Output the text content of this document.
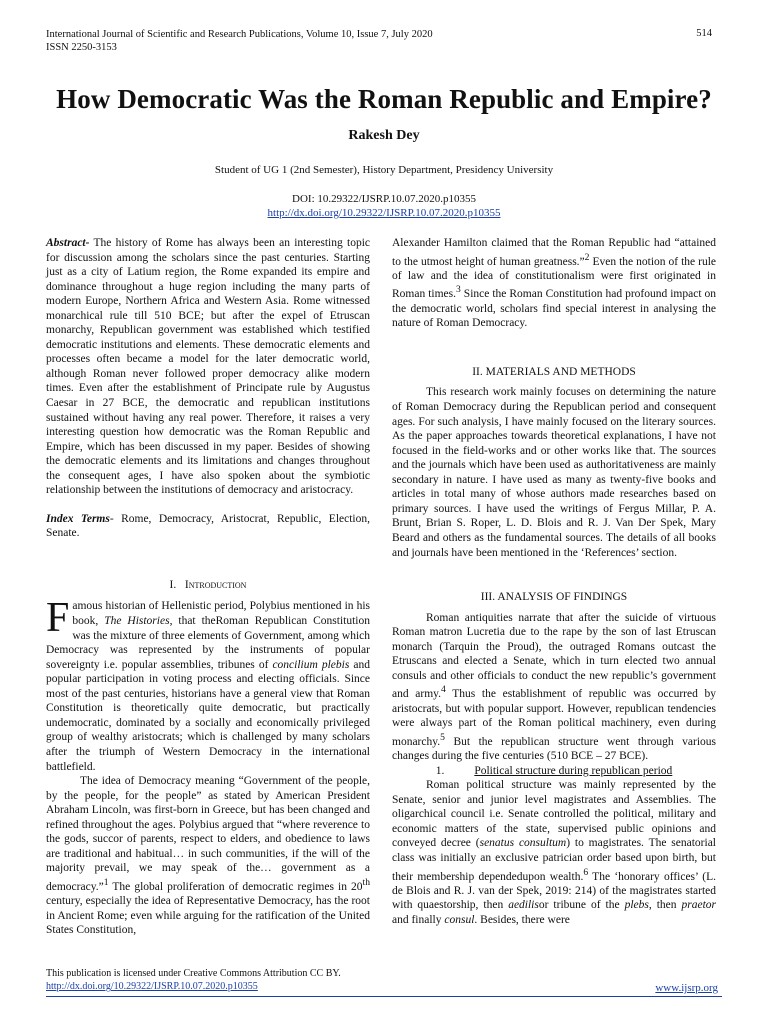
International Journal of Scientific and Research Publications, Volume 10, Issue 7, July 2020
ISSN 2250-3153
514
How Democratic Was the Roman Republic and Empire?
Rakesh Dey
Student of UG 1 (2nd Semester), History Department, Presidency University
DOI: 10.29322/IJSRP.10.07.2020.p10355
http://dx.doi.org/10.29322/IJSRP.10.07.2020.p10355

Abstract- The history of Rome has always been an interesting topic for discussion among the scholars since the past centuries. Starting just as a city of Latium region, the Rome expanded its empire and dominance throughout a huge region including the many parts of modern Europe, Northern Africa and Western Asia. Rome witnessed monarchical rule till 510 BCE; but after the expel of Etruscan monarchy, Republican government was established which testified democratic institutions and elements. These democratic elements and processes often became a model for the later democratic world, although Roman never followed proper democracy alike modern times. Even after the establishment of Principate rule by Augustus Caesar in 27 BCE, the democratic and republican institutions sustained without having any real power. Therefore, it raises a very interesting question how democratic was the Roman Republic and Empire, which has been discussed in my paper. Besides of showing the democratic elements and its limitations and changes throughout the consequent ages, I have also spoken about the symbiotic relationship between the institutions of democracy and aristocracy.

Index Terms- Rome, Democracy, Aristocrat, Republic, Election, Senate.

I. Introduction

Famous historian of Hellenistic period, Polybius mentioned in his book, The Histories, that theRoman Republican Constitution was the mixture of three elements of Government, among which Democracy was represented by the instruments of popular sovereignty i.e. popular assemblies, tribunes of concilium plebis and popular participation in voting process and electing officials. Since most of the past centuries, historians have a general view that Roman Constitution is theoretically quite democratic, but practically undemocratic, dominated by a socially and economically privileged group of wealthy aristocrats; which is challenged by many scholars after the triumph of Western Democracy in the international battlefield.

The idea of Democracy meaning “Government of the people, by the people, for the people” as stated by American President Abraham Lincoln, was first-born in Greece, but has been changed and refined throughout the ages. Polybius argued that “where reverence to the gods, succor of parents, respect to elders, and obedience to laws are traditional and habitual… in such communities, if the will of the majority prevail, we may speak of the… government as a democracy.”$^1$ The global proliferation of democratic regimes in 20th century, especially the idea of Representative Democracy, has the root in Ancient Rome; even while arguing for the ratification of the United States Constitution,

Alexander Hamilton claimed that the Roman Republic had “attained to the utmost height of human greatness.”$^2$ Even the notion of the rule of law and the idea of constitutionalism were first originated in Roman times.$^3$ Since the Roman Constitution had profound impact on the democratic world, scholars find special interest in analysing the nature of Roman Democracy.

II. MATERIALS AND METHODS

This research work mainly focuses on determining the nature of Roman Democracy during the Republican period and consequent ages. For such analysis, I have mainly focused on the literary sources. As the paper approaches towards theoretical explanations, I have not focused in the field-works and or other works like that. The sources and the journals which have been used as authoritativeness are mainly secondary in nature. I have used as many as twenty-five books and articles in total many of whose authors made researches based on primary sources. I have used the writings of Fergus Millar, P. A. Brunt, Brian S. Roper, L. D. Blois and R. J. Van Der Spek, Mary Beard and others as the fundamental sources. The details of all books and journals have been mentioned in the ‘References’ section.

III. ANALYSIS OF FINDINGS

Roman antiquities narrate that after the suicide of virtuous Roman matron Lucretia due to the rape by the son of last Etruscan monarch (Tarquin the Proud), the outraged Romans outcast the Etruscans and elected a Senate, which in turn elected two annual consuls and other officials to conduct the new republic’s government and army.$^4$ Thus the establishment of republic was occurred by aristocrats, but with popular support. However, republican tendencies were always part of the Roman political machinery, even during monarchy.$^5$ But the republican structure went through various changes during the five centuries (510 BCE – 27 BCE).

1.	Political structure during republican period

Roman political structure was mainly represented by the Senate, senior and junior level magistrates and Assemblies. The oligarchical council i.e. Senate controlled the political, military and economic matters of the state, supervised public opinions and conveyed decree (senatus consultum) to magistrates. The senatorial class was initially an exclusive patrician order based upon birth, but their membership dependedupon wealth.$^6$ The ‘honorary offices’ (L. de Blois and R. J. van der Spek, 2019: 214) of the magistrates started with quaestorship, then aedilisor tribune of the plebs, then praetor and finally consul. Besides, there were

This publication is licensed under Creative Commons Attribution CC BY.
http://dx.doi.org/10.29322/IJSRP.10.07.2020.p10355	www.ijsrp.org
